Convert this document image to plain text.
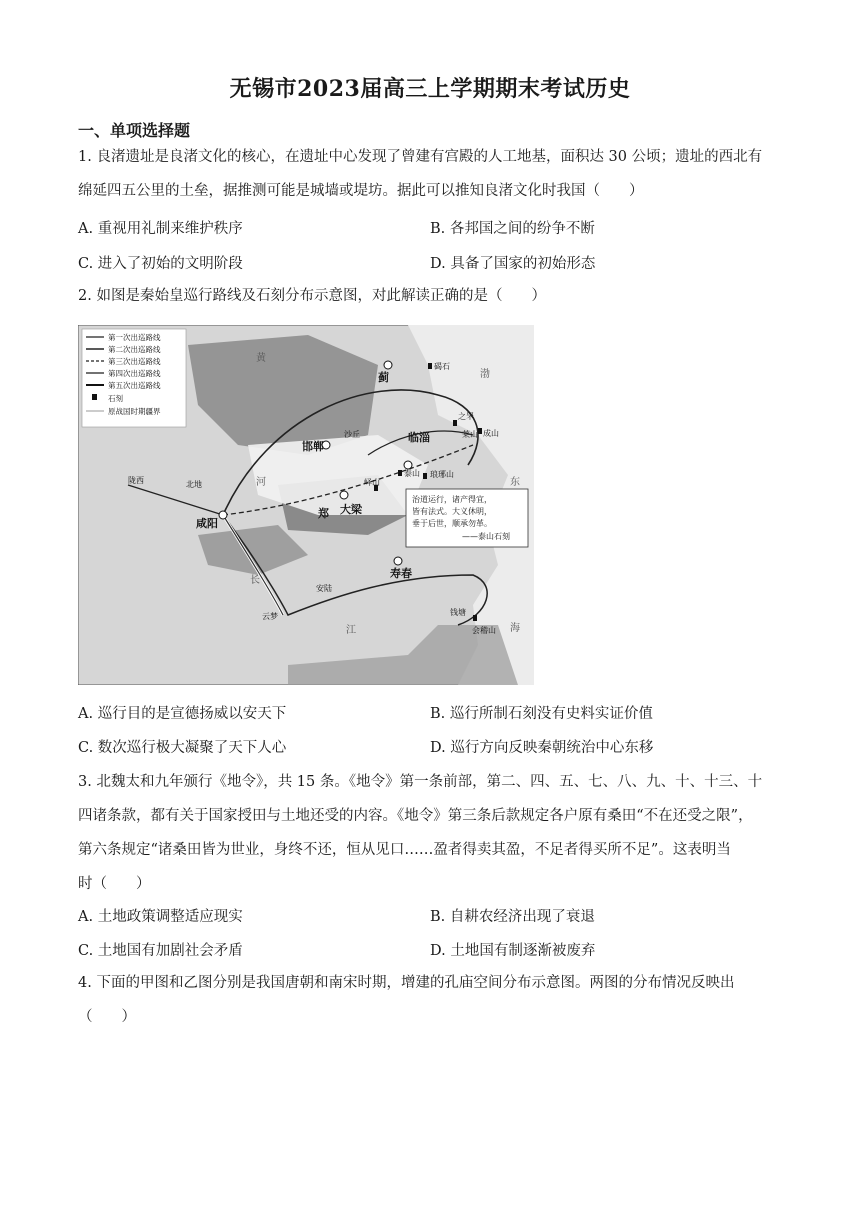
无锡市2023届高三上学期期末考试历史
一、单项选择题
1. 良渚遗址是良渚文化的核心，在遗址中心发现了曾建有宫殿的人工地基，面积达 30 公顷；遗址的西北有
绵延四五公里的土垒，据推测可能是城墙或堤坊。据此可以推知良渚文化时我国（　　）
A. 重视用礼制来维护秩序	B. 各邦国之间的纷争不断
C. 进入了初始的文明阶段	D. 具备了国家的初始形态
2. 如图是秦始皇巡行路线及石刻分布示意图，对此解读正确的是（　　）
第一次出巡路线
第二次出巡路线
第三次出巡路线
第四次出巡路线
第五次出巡路线
石刻
原战国时期疆界
蓟
碣石
邯郸
沙丘	临淄
黄
河
泰山
峄山
之罘
莱山 成山
琅琊山
郑 大梁
陇西	北地
咸阳
寿春
安陆
云梦	钱塘
会稽山
长
江
东
海
渤
治道运行，诸产得宜，
皆有法式。大义休明，
垂于后世，顺承勿革。
——泰山石刻
A. 巡行目的是宣德扬威以安天下	B. 巡行所制石刻没有史料实证价值
C. 数次巡行极大凝聚了天下人心	D. 巡行方向反映秦朝统治中心东移
3. 北魏太和九年颁行《地令》，共 15 条。《地令》第一条前部，第二、四、五、七、八、九、十、十三、十
四诸条款，都有关于国家授田与土地还受的内容。《地令》第三条后款规定各户原有桑田“不在还受之限”，
第六条规定“诸桑田皆为世业，身终不还，恒从见口……盈者得卖其盈，不足者得买所不足”。这表明当
时（　　）
A. 土地政策调整适应现实	B. 自耕农经济出现了衰退
C. 土地国有加剧社会矛盾	D. 土地国有制逐渐被废弃
4. 下面的甲图和乙图分别是我国唐朝和南宋时期，增建的孔庙空间分布示意图。两图的分布情况反映出
（　　）
